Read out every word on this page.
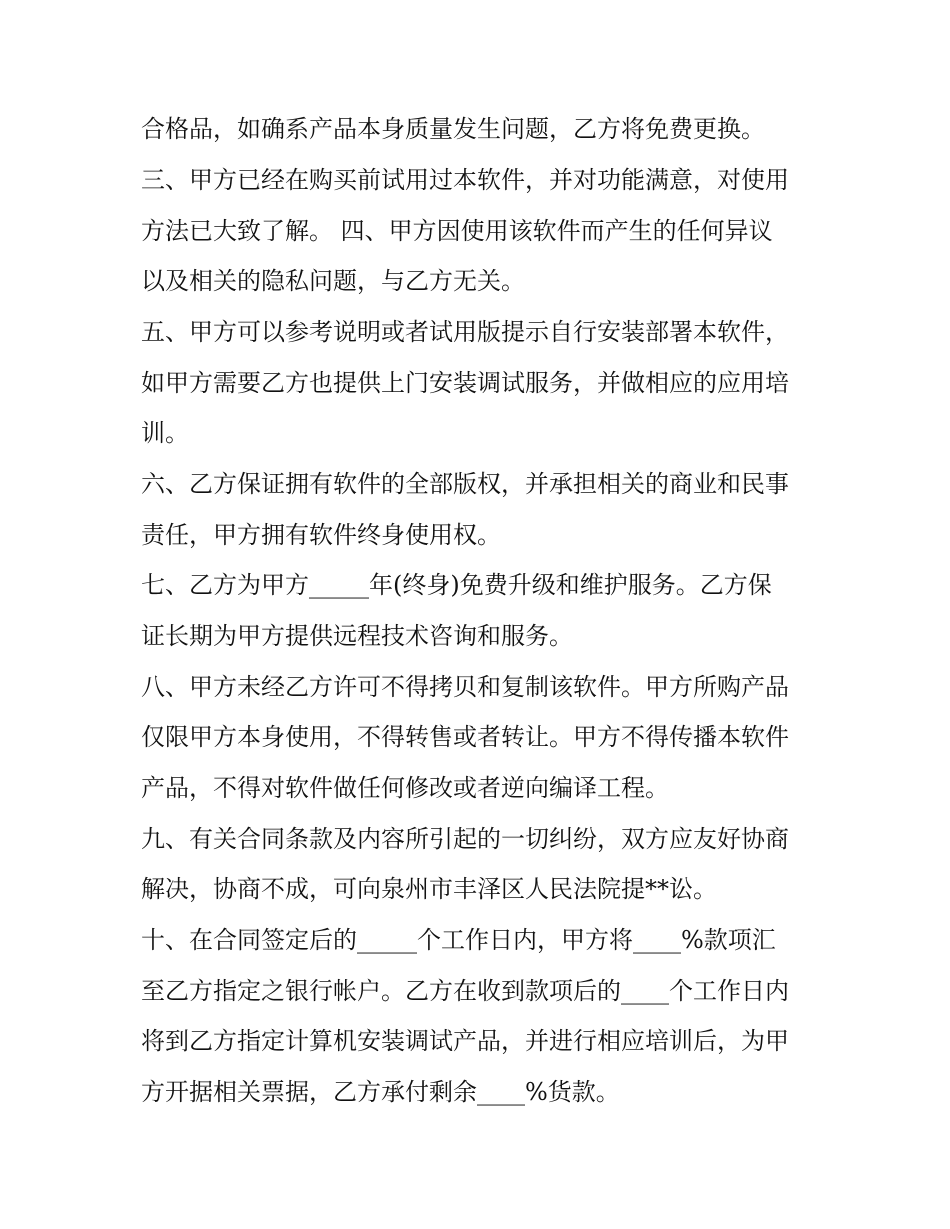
合格品，如确系产品本身质量发生问题，乙方将免费更换。

三、甲方已经在购买前试用过本软件，并对功能满意，对使用

方法已大致了解。 四、甲方因使用该软件而产生的任何异议

以及相关的隐私问题，与乙方无关。

五、甲方可以参考说明或者试用版提示自行安装部署本软件，

如甲方需要乙方也提供上门安装调试服务，并做相应的应用培

训。

六、乙方保证拥有软件的全部版权，并承担相关的商业和民事

责任，甲方拥有软件终身使用权。

七、乙方为甲方_____年(终身)免费升级和维护服务。乙方保

证长期为甲方提供远程技术咨询和服务。

八、甲方未经乙方许可不得拷贝和复制该软件。甲方所购产品

仅限甲方本身使用，不得转售或者转让。甲方不得传播本软件

产品，不得对软件做任何修改或者逆向编译工程。

九、有关合同条款及内容所引起的一切纠纷，双方应友好协商

解决，协商不成，可向泉州市丰泽区人民法院提**讼。

十、在合同签定后的_____个工作日内，甲方将____%款项汇

至乙方指定之银行帐户。乙方在收到款项后的____个工作日内

将到乙方指定计算机安装调试产品，并进行相应培训后，为甲

方开据相关票据，乙方承付剩余____%货款。
